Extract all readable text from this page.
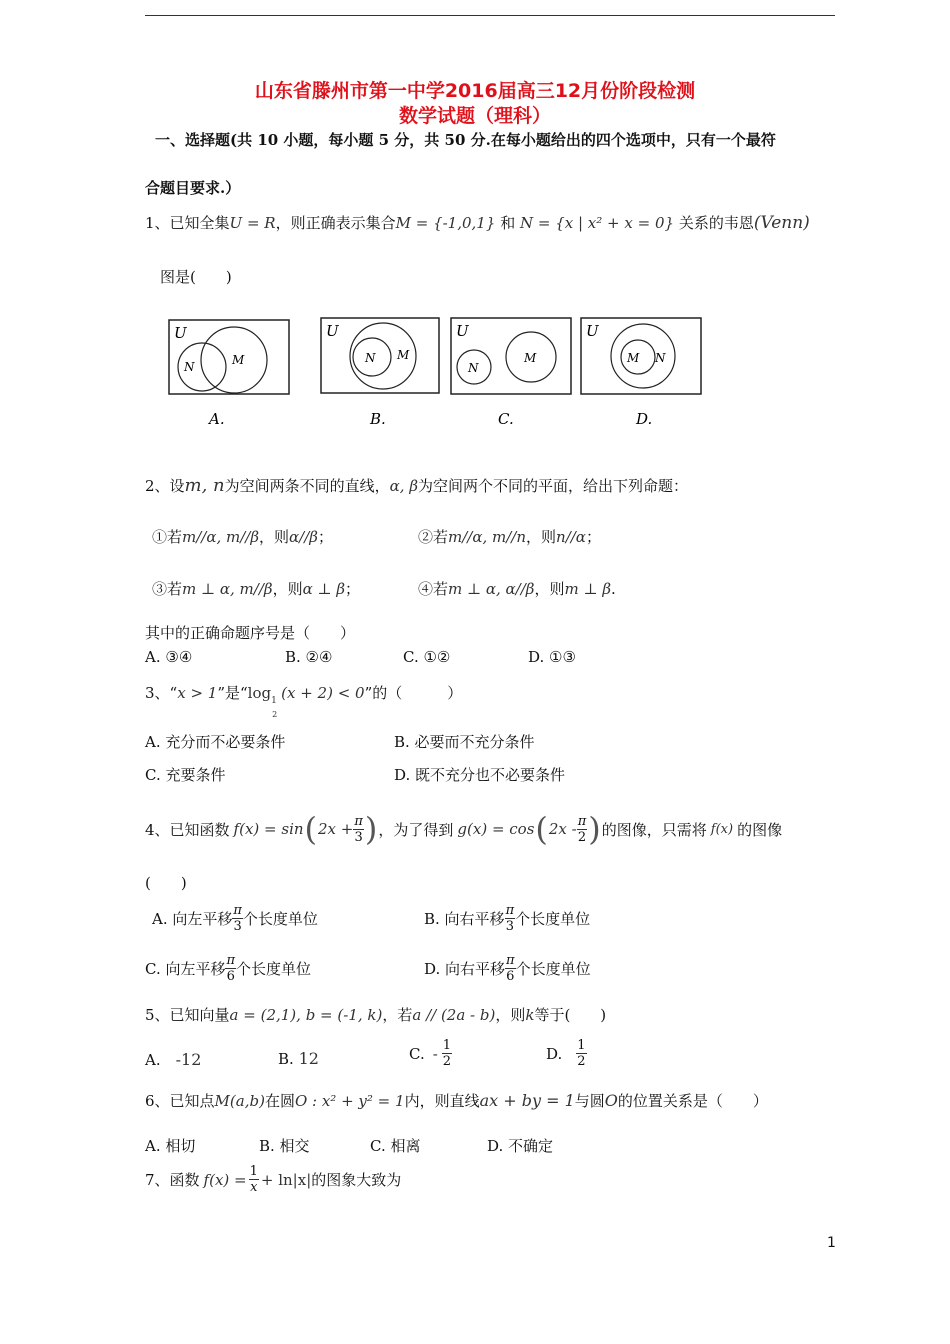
山东省滕州市第一中学2016届高三12月份阶段检测
数学试题（理科）
一、选择题(共 10 小题，每小题 5 分，共 50 分.在每小题给出的四个选项中，只有一个最符
合题目要求.）
1、已知全集U = R，则正确表示集合M = {-1,0,1} 和 N = {x | x² + x = 0} 关系的韦恩(Venn)
图是(　　)
U
N	M
U
N M
U
N
M
U
M N
A.	B.	C.	D.
2、设m, n为空间两条不同的直线，α, β为空间两个不同的平面，给出下列命题：
①若m//α, m//β，则α//β；	②若m//α, m//n，则n//α；
③若m ⊥ α, m//β，则α ⊥ β；	④若m ⊥ α, α//β，则m ⊥ β.
其中的正确命题序号是（　　）
A. ③④	B. ②④	C. ①②	D. ①③
3、“x > 1”是“log 1
2
(x + 2) < 0”的（　　　）
A. 充分而不必要条件	B. 必要而不充分条件
C. 充要条件	D. 既不充分也不必要条件
4、已知函数 f(x) = sin ( $2x + \frac{\pi}{3}$ ) ，为了得到 g(x) = cos ( $2x - \frac{\pi}{2}$ ) 的图像，只需将 f(x) 的图像
(　　)
A. 向左平移 $\frac{\pi}{3}$ 个长度单位	B. 向右平移 $\frac{\pi}{3}$ 个长度单位
C. 向左平移 $\frac{\pi}{6}$ 个长度单位	D. 向右平移 $\frac{\pi}{6}$ 个长度单位
5、已知向量a = (2,1), b = (-1, k)，若a // (2a - b)，则k等于(　　)
A.　 -12	B. 12	C. - $\frac{1}{2}$	D. $\frac{1}{2}$
6、已知点M(a,b)在圆O : x² + y² = 1内，则直线ax + by = 1与圆O的位置关系是（　　）
A. 相切	B. 相交	C. 相离	D. 不确定
7、函数 $f(x) = \frac{1}{x} + \ln|x|$ 的图象大致为
1
